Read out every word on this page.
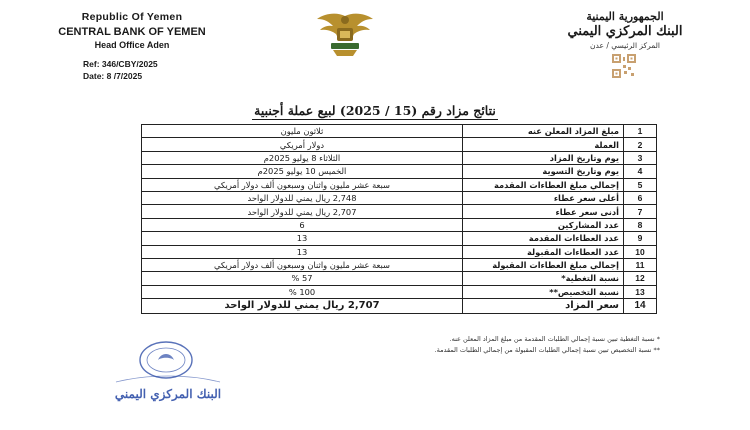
Republic Of Yemen
CENTRAL BANK OF YEMEN
Head Office Aden
Ref: 346/CBY/2025
Date: 8 /7/2025
الجمهورية اليمنية
البنك المركزي اليمني
المركز الرئيسي / عدن
نتائج مزاد رقم (15 / 2025) لبيع عملة أجنبية
1	مبلغ المزاد المعلن عنه	ثلاثون مليون
2	العملة	دولار أمريكي
3	يوم وتاريخ المزاد	الثلاثاء 8 يوليو 2025م
4	يوم وتاريخ التسوية	الخميس 10 يوليو 2025م
5	إجمالي مبلغ العطاءات المقدمة	سبعة عشر مليون واثنان وسبعون ألف دولار أمريكي
6	أعلى سعر عطاء	2,748 ريال يمني للدولار الواحد
7	أدنى سعر عطاء	2,707 ريال يمني للدولار الواحد
8	عدد المشاركين	6
9	عدد العطاءات المقدمة	13
10	عدد العطاءات المقبولة	13
11	إجمالي مبلغ العطاءات المقبولة	سبعة عشر مليون واثنان وسبعون ألف دولار أمريكي
12	نسبة التغطية*	57 %
13	نسبة التخصيص**	100 %
14	سعر المزاد	2,707 ريال يمني للدولار الواحد
* نسبة التغطية تبين نسبة إجمالي الطلبات المقدمة من مبلغ المزاد المعلن عنه.
** نسبة التخصيص تبين نسبة إجمالي الطلبات المقبولة من إجمالي الطلبات المقدمة.
البنك المركزي اليمني
